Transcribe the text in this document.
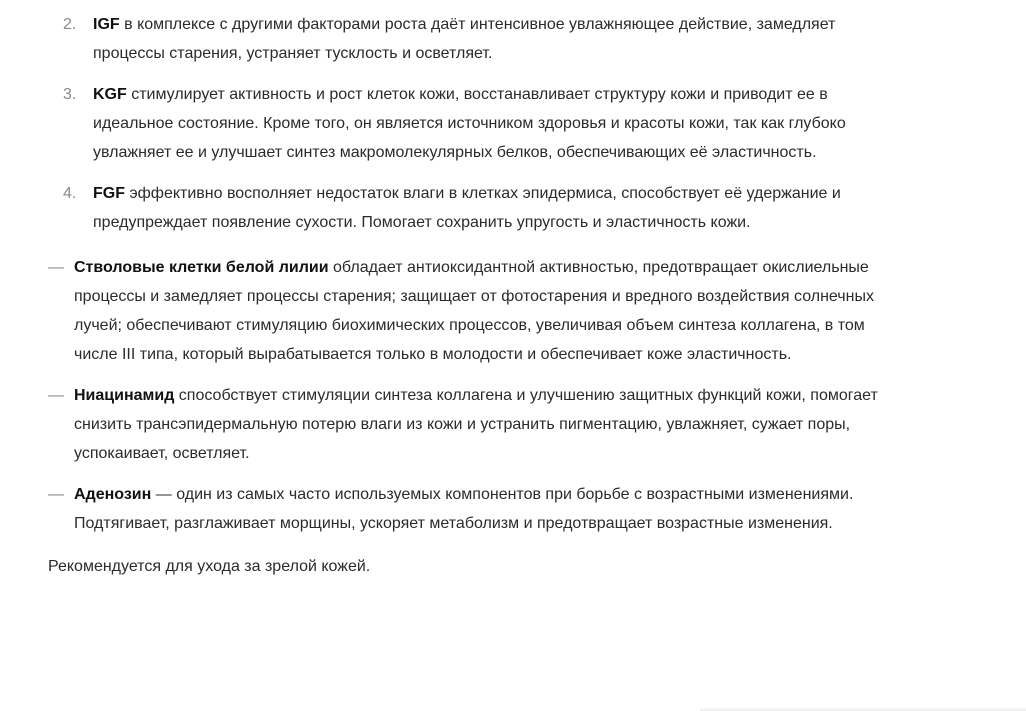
2. IGF в комплексе с другими факторами роста даёт интенсивное увлажняющее действие, замедляет процессы старения, устраняет тусклость и осветляет.
3. KGF стимулирует активность и рост клеток кожи, восстанавливает структуру кожи и приводит ее в идеальное состояние. Кроме того, он является источником здоровья и красоты кожи, так как глубоко увлажняет ее и улучшает синтез макромолекулярных белков, обеспечивающих её эластичность.
4. FGF эффективно восполняет недостаток влаги в клетках эпидермиса, способствует её удержание и предупреждает появление сухости. Помогает сохранить упругость и эластичность кожи.
— Стволовые клетки белой лилии обладает антиоксидантной активностью, предотвращает окислиельные процессы и замедляет процессы старения; защищает от фотостарения и вредного воздействия солнечных лучей; обеспечивают стимуляцию биохимических процессов, увеличивая объем синтеза коллагена, в том числе III типа, который вырабатывается только в молодости и обеспечивает коже эластичность.
— Ниацинамид способствует стимуляции синтеза коллагена и улучшению защитных функций кожи, помогает снизить трансэпидермальную потерю влаги из кожи и устранить пигментацию, увлажняет, сужает поры, успокаивает, осветляет.
— Аденозин — один из самых часто используемых компонентов при борьбе с возрастными изменениями. Подтягивает, разглаживает морщины, ускоряет метаболизм и предотвращает возрастные изменения.

Рекомендуется для ухода за зрелой кожей.
